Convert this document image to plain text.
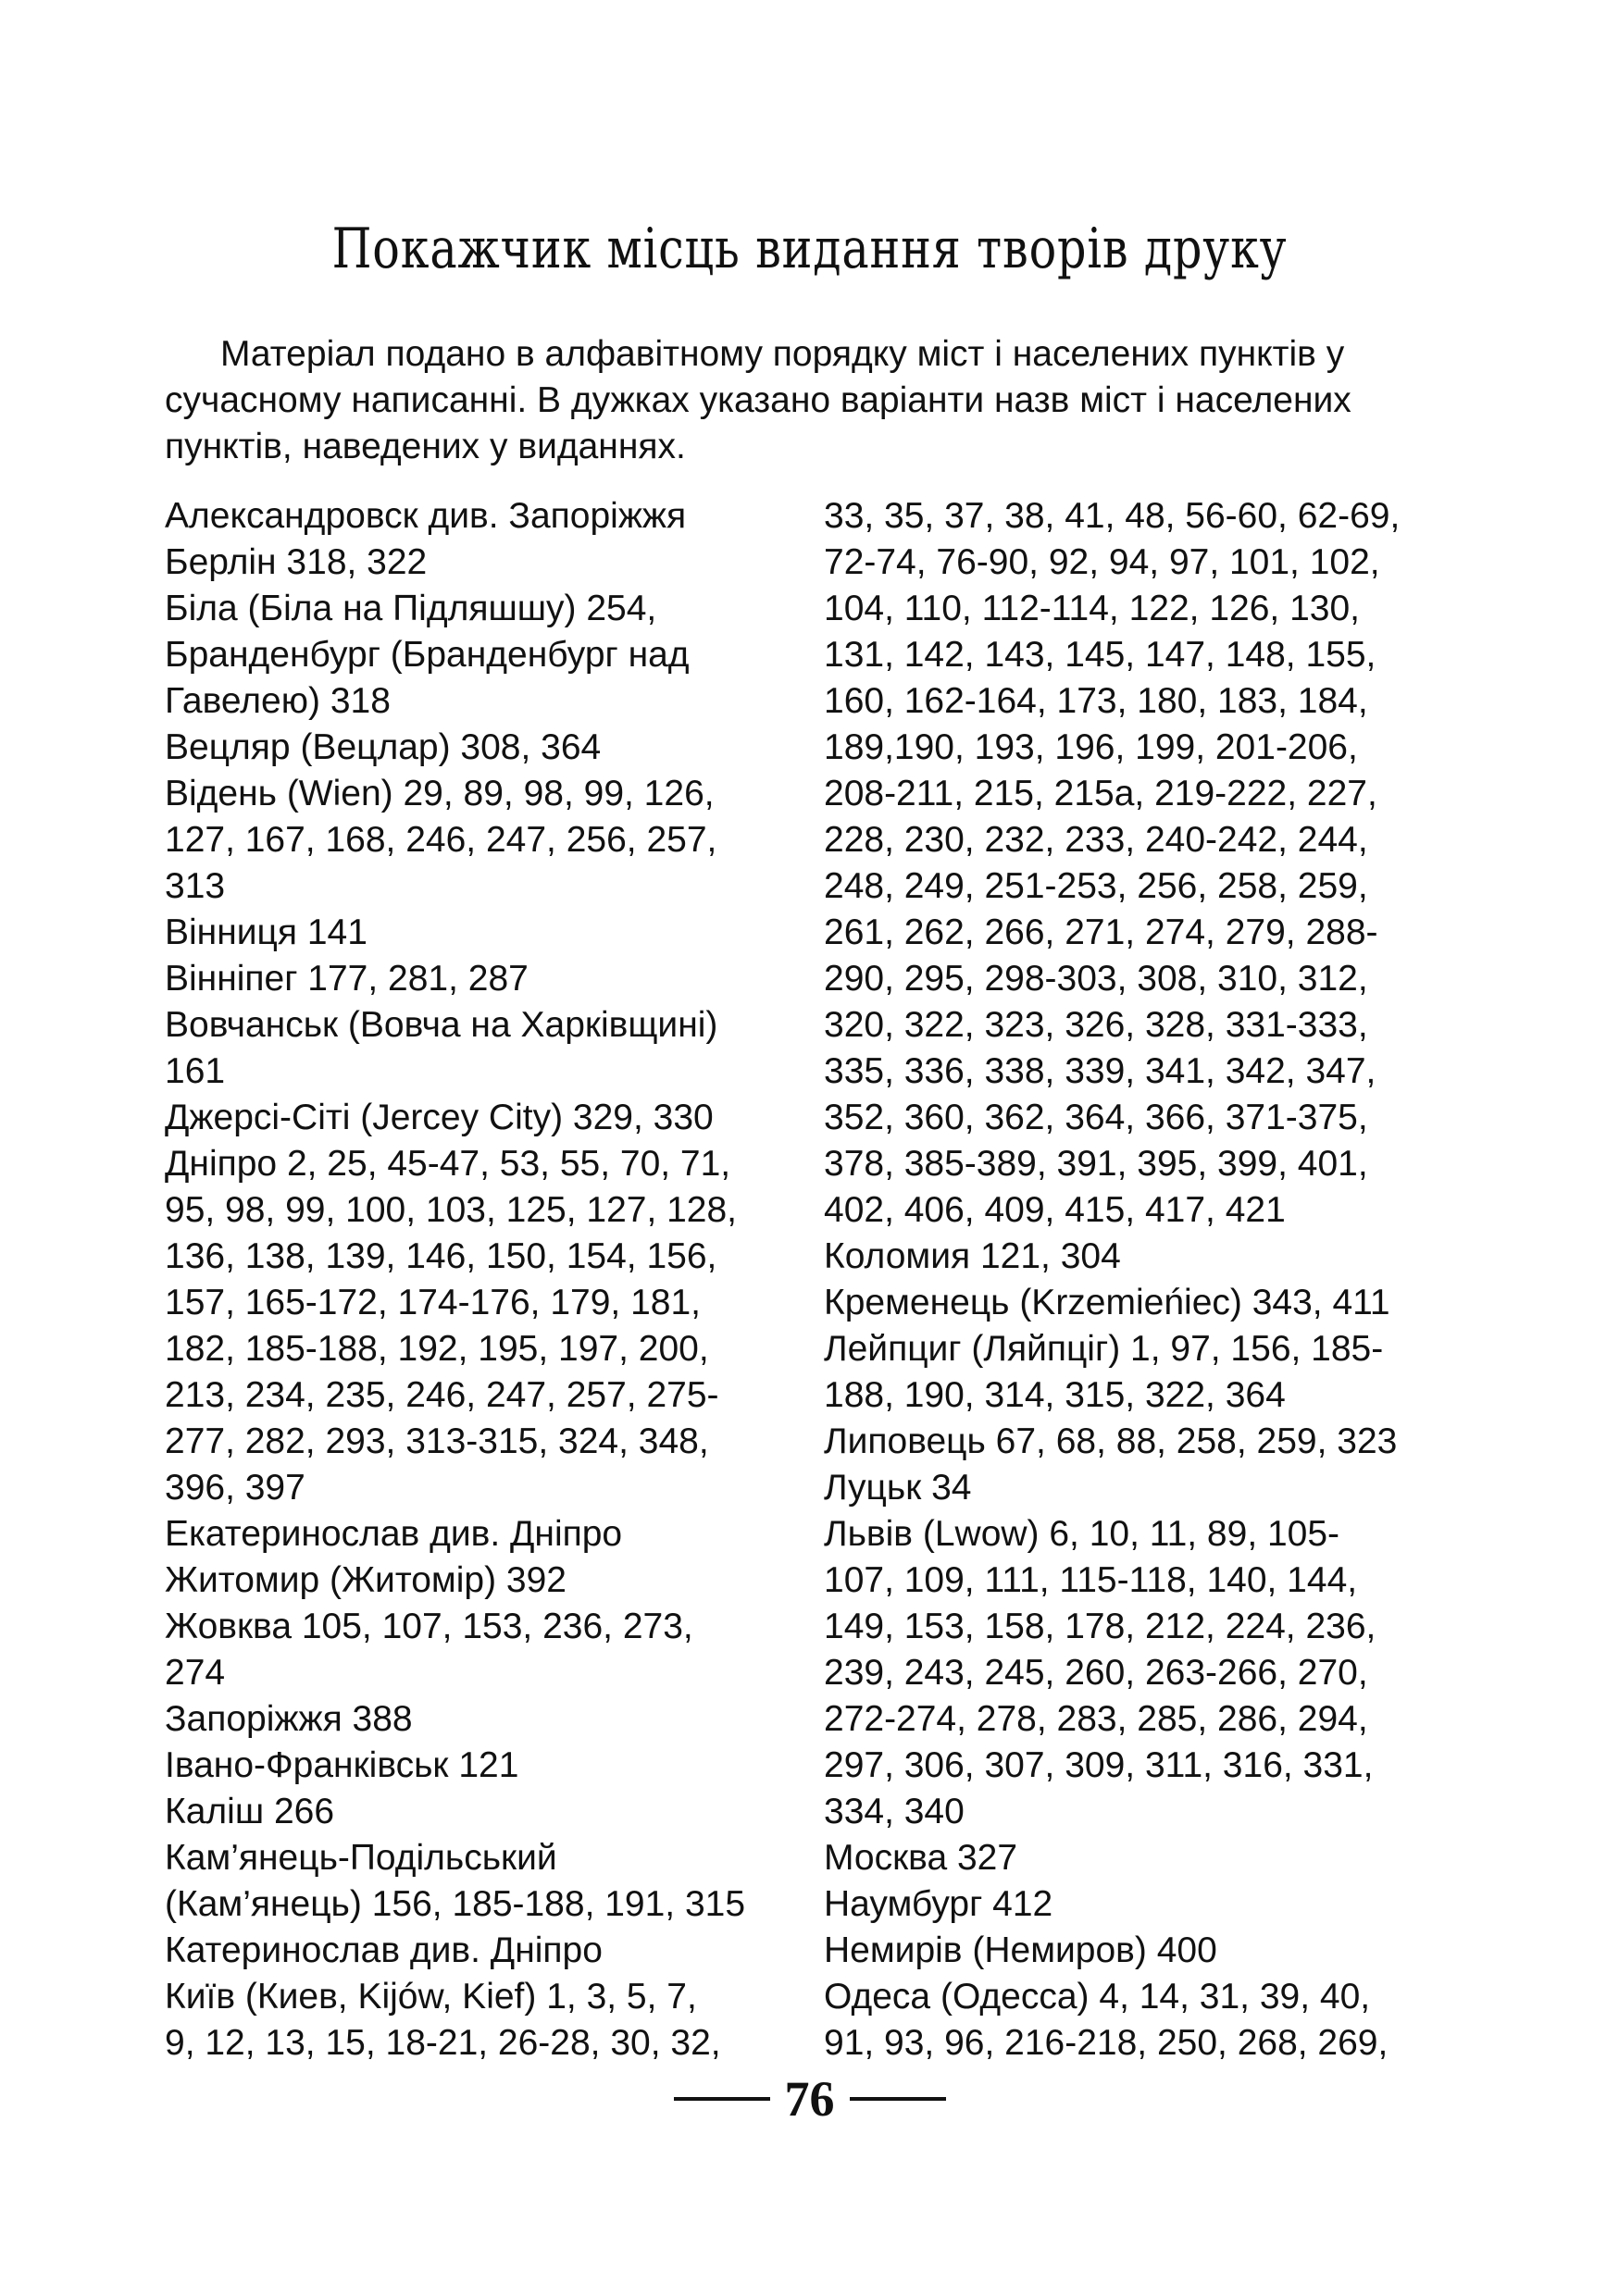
Покажчик місць видання творів друку

Матеріал подано в алфавітному порядку міст і населених пунктів у сучасному написанні. В дужках указано варіанти назв міст і населених пунктів, наведених у виданнях.

Александровск див. Запоріжжя
Берлін 318, 322
Біла (Біла на Підляшшу) 254,
Бранденбург (Бранденбург над
Гавелею) 318
Вецляр (Вецлар) 308, 364
Відень (Wien) 29, 89, 98, 99, 126,
127, 167, 168, 246, 247, 256, 257,
313
Вінниця 141
Вінніпег 177, 281, 287
Вовчанськ (Вовча на Харківщині)
161
Джерсі-Сіті (Jercey City) 329, 330
Дніпро 2, 25, 45-47, 53, 55, 70, 71,
95, 98, 99, 100, 103, 125, 127, 128,
136, 138, 139, 146, 150, 154, 156,
157, 165-172, 174-176, 179, 181,
182, 185-188, 192, 195, 197, 200,
213, 234, 235, 246, 247, 257, 275-
277, 282, 293, 313-315, 324, 348,
396, 397
Екатеринослав див. Дніпро
Житомир (Житомір) 392
Жовква 105, 107, 153, 236, 273,
274
Запоріжжя 388
Івано-Франківськ 121
Каліш 266
Кам’янець-Подільський
(Кам’янець) 156, 185-188, 191, 315
Катеринослав див. Дніпро
Київ (Киев, Kijów, Kief) 1, 3, 5, 7,
9, 12, 13, 15, 18-21, 26-28, 30, 32,
33, 35, 37, 38, 41, 48, 56-60, 62-69,
72-74, 76-90, 92, 94, 97, 101, 102,
104, 110, 112-114, 122, 126, 130,
131, 142, 143, 145, 147, 148, 155,
160, 162-164, 173, 180, 183, 184,
189,190, 193, 196, 199, 201-206,
208-211, 215, 215a, 219-222, 227,
228, 230, 232, 233, 240-242, 244,
248, 249, 251-253, 256, 258, 259,
261, 262, 266, 271, 274, 279, 288-
290, 295, 298-303, 308, 310, 312,
320, 322, 323, 326, 328, 331-333,
335, 336, 338, 339, 341, 342, 347,
352, 360, 362, 364, 366, 371-375,
378, 385-389, 391, 395, 399, 401,
402, 406, 409, 415, 417, 421
Коломия 121, 304
Кременець (Krzemieńiec) 343, 411
Лейпциг (Ляйпціг) 1, 97, 156, 185-
188, 190, 314, 315, 322, 364
Липовець 67, 68, 88, 258, 259, 323
Луцьк 34
Львів (Lwow) 6, 10, 11, 89, 105-
107, 109, 111, 115-118, 140, 144,
149, 153, 158, 178, 212, 224, 236,
239, 243, 245, 260, 263-266, 270,
272-274, 278, 283, 285, 286, 294,
297, 306, 307, 309, 311, 316, 331,
334, 340
Москва 327
Наумбург 412
Немирів (Немиров) 400
Одеса (Одесса) 4, 14, 31, 39, 40,
91, 93, 96, 216-218, 250, 268, 269,
76
